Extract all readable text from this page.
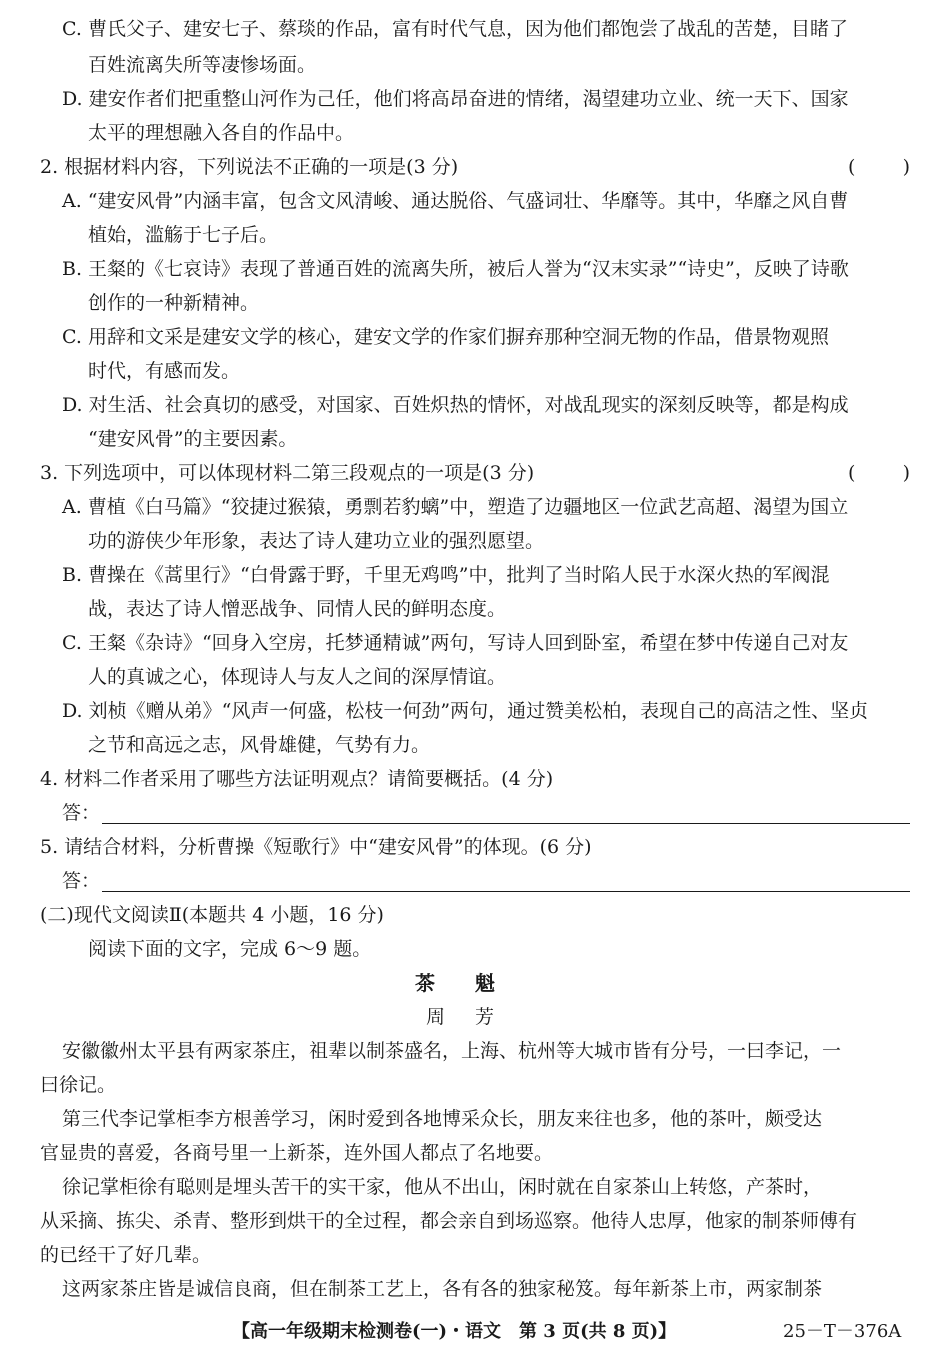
C. 曹氏父子、建安七子、蔡琰的作品，富有时代气息，因为他们都饱尝了战乱的苦楚，目睹了
百姓流离失所等凄惨场面。
D. 建安作者们把重整山河作为己任，他们将高昂奋进的情绪，渴望建功立业、统一天下、国家
太平的理想融入各自的作品中。
2. 根据材料内容，下列说法不正确的一项是(3 分)	( )
A. “建安风骨”内涵丰富，包含文风清峻、通达脱俗、气盛词壮、华靡等。其中，华靡之风自曹
植始，滥觞于七子后。
B. 王粲的《七哀诗》表现了普通百姓的流离失所，被后人誉为“汉末实录”“诗史”，反映了诗歌
创作的一种新精神。
C. 用辞和文采是建安文学的核心，建安文学的作家们摒弃那种空洞无物的作品，借景物观照
时代，有感而发。
D. 对生活、社会真切的感受，对国家、百姓炽热的情怀，对战乱现实的深刻反映等，都是构成
“建安风骨”的主要因素。
3. 下列选项中，可以体现材料二第三段观点的一项是(3 分)	( )
A. 曹植《白马篇》“狡捷过猴猿，勇剽若豹螭”中，塑造了边疆地区一位武艺高超、渴望为国立
功的游侠少年形象，表达了诗人建功立业的强烈愿望。
B. 曹操在《蒿里行》“白骨露于野，千里无鸡鸣”中，批判了当时陷人民于水深火热的军阀混
战，表达了诗人憎恶战争、同情人民的鲜明态度。
C. 王粲《杂诗》“回身入空房，托梦通精诚”两句，写诗人回到卧室，希望在梦中传递自己对友
人的真诚之心，体现诗人与友人之间的深厚情谊。
D. 刘桢《赠从弟》“风声一何盛，松枝一何劲”两句，通过赞美松柏，表现自己的高洁之性、坚贞
之节和高远之志，风骨雄健，气势有力。
4. 材料二作者采用了哪些方法证明观点？请简要概括。(4 分)
答：
5. 请结合材料，分析曹操《短歌行》中“建安风骨”的体现。(6 分)
答：
(二)现代文阅读Ⅱ(本题共 4 小题，16 分)
阅读下面的文字，完成 6～9 题。
茶魁
周芳
安徽徽州太平县有两家茶庄，祖辈以制茶盛名，上海、杭州等大城市皆有分号，一曰李记，一
曰徐记。
第三代李记掌柜李方根善学习，闲时爱到各地博采众长，朋友来往也多，他的茶叶，颇受达
官显贵的喜爱，各商号里一上新茶，连外国人都点了名地要。
徐记掌柜徐有聪则是埋头苦干的实干家，他从不出山，闲时就在自家茶山上转悠，产茶时，
从采摘、拣尖、杀青、整形到烘干的全过程，都会亲自到场巡察。他待人忠厚，他家的制茶师傅有
的已经干了好几辈。
这两家茶庄皆是诚信良商，但在制茶工艺上，各有各的独家秘笈。每年新茶上市，两家制茶
【高一年级期末检测卷(一)・语文　第 3 页(共 8 页)】	25－T－376A
